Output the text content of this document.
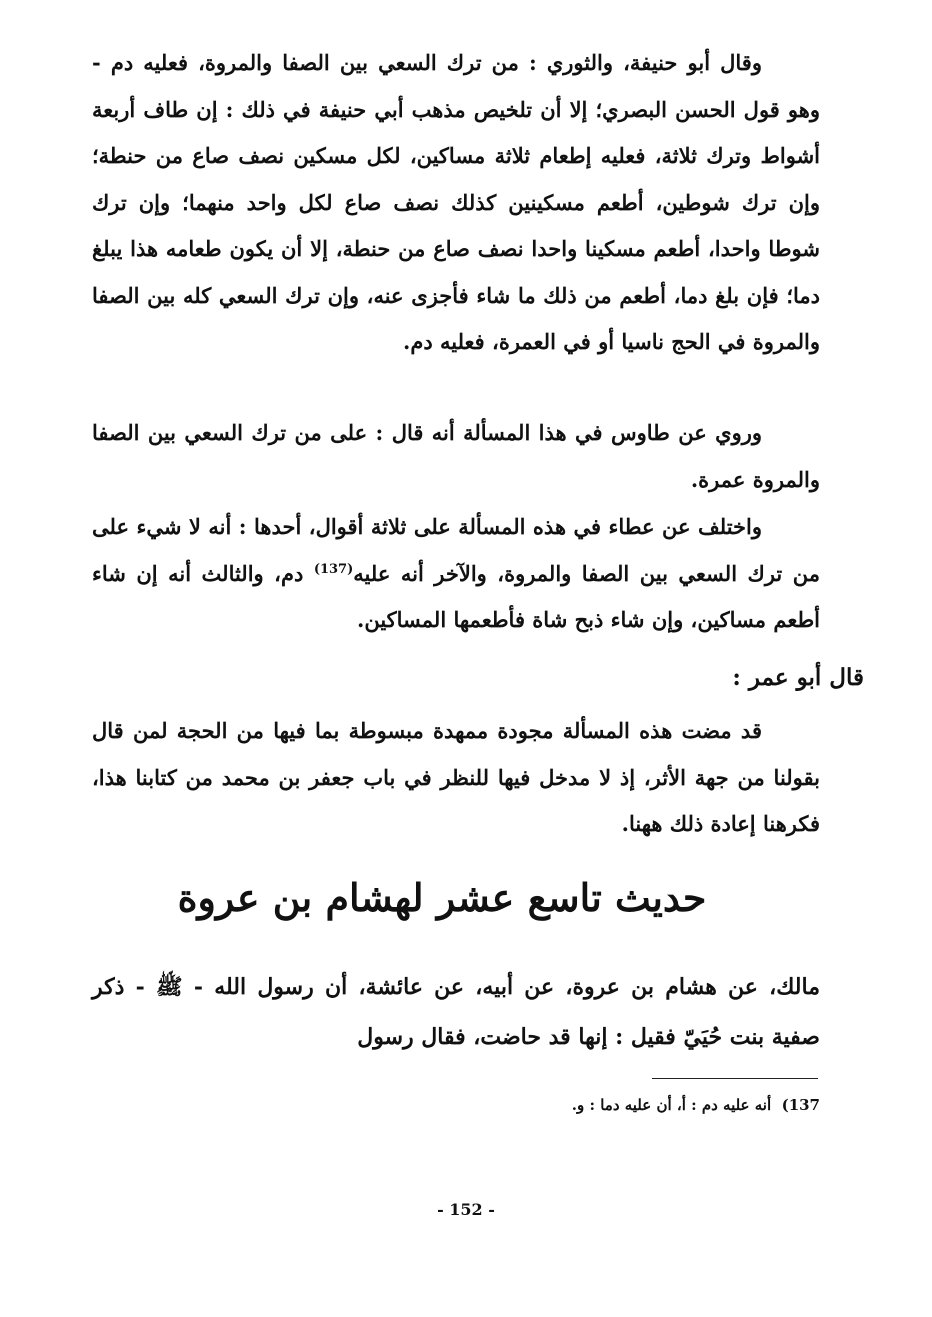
وقال أبو حنيفة، والثوري : من ترك السعي بين الصفا والمروة، فعليه دم - وهو قول الحسن البصري؛ إلا أن تلخيص مذهب أبي حنيفة في ذلك : إن طاف أربعة أشواط وترك ثلاثة، فعليه إطعام ثلاثة مساكين، لكل مسكين نصف صاع من حنطة؛ وإن ترك شوطين، أطعم مسكينين كذلك نصف صاع لكل واحد منهما؛ وإن ترك شوطا واحدا، أطعم مسكينا واحدا نصف صاع من حنطة، إلا أن يكون طعامه هذا يبلغ دما؛ فإن بلغ دما، أطعم من ذلك ما شاء فأجزى عنه، وإن ترك السعي كله بين الصفا والمروة في الحج ناسيا أو في العمرة، فعليه دم.

وروي عن طاوس في هذا المسألة أنه قال : على من ترك السعي بين الصفا والمروة عمرة.

واختلف عن عطاء في هذه المسألة على ثلاثة أقوال، أحدها : أنه لا شيء على من ترك السعي بين الصفا والمروة، والآخر أنه عليه$^{(137)}$ دم، والثالث أنه إن شاء أطعم مساكين، وإن شاء ذبح شاة فأطعمها المساكين.

قال أبو عمر :

قد مضت هذه المسألة مجودة ممهدة مبسوطة بما فيها من الحجة لمن قال بقولنا من جهة الأثر، إذ لا مدخل فيها للنظر في باب جعفر بن محمد من كتابنا هذا، فكرهنا إعادة ذلك ههنا.

حديث تاسع عشر لهشام بن عروة

مالك، عن هشام بن عروة، عن أبيه، عن عائشة، أن رسول الله - ﷺ - ذكر صفية بنت حُيَيّ فقيل : إنها قد حاضت، فقال رسول

137)  أنه عليه دم : أ، أن عليه دما : و.

- 152 -
